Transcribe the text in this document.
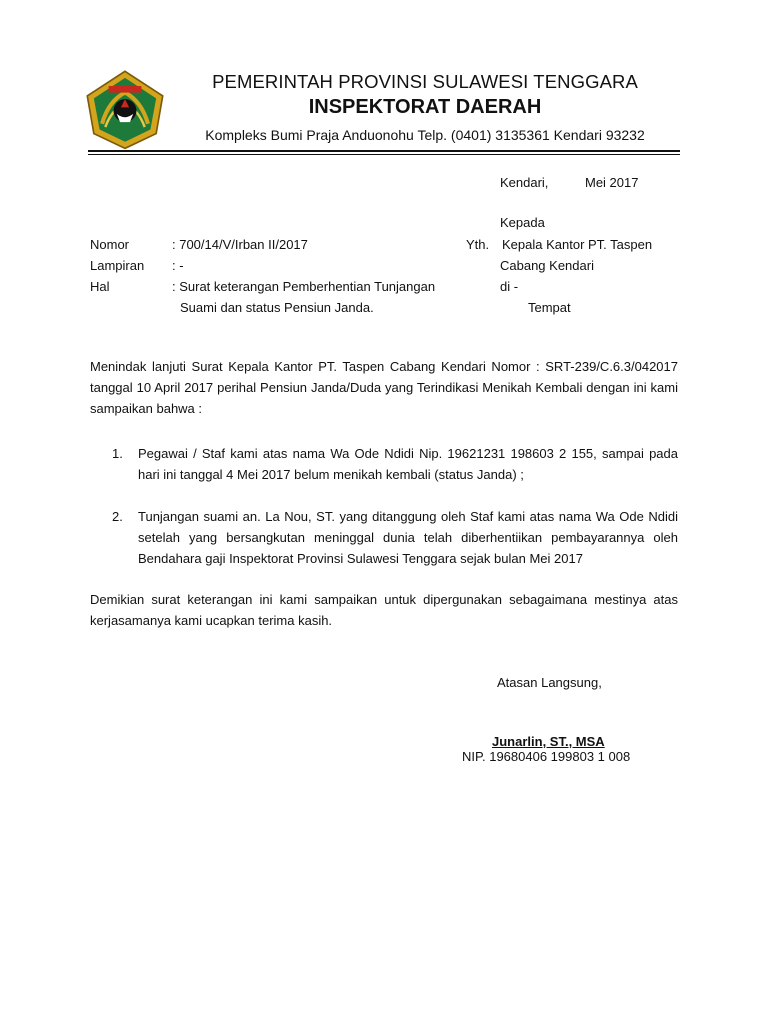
PEMERINTAH PROVINSI SULAWESI TENGGARA
INSPEKTORAT DAERAH
Kompleks Bumi Praja Anduonohu Telp. (0401) 3135361 Kendari 93232
Kendari,	Mei 2017
Kepada
Yth. Kepala Kantor PT. Taspen
Cabang Kendari
di -
Tempat
Nomor	: 700/14/V/Irban II/2017
Lampiran : -
Hal	: Surat keterangan Pemberhentian Tunjangan
Suami dan status Pensiun Janda.
Menindak lanjuti Surat Kepala Kantor PT. Taspen Cabang Kendari Nomor : SRT-239/C.6.3/042017 tanggal 10 April 2017 perihal Pensiun Janda/Duda yang Terindikasi Menikah Kembali dengan ini kami sampaikan bahwa :
1. Pegawai / Staf kami atas nama Wa Ode Ndidi Nip. 19621231 198603 2 155, sampai pada hari ini tanggal 4 Mei 2017 belum menikah kembali (status Janda) ;
2. Tunjangan suami an. La Nou, ST. yang ditanggung oleh Staf kami atas nama Wa Ode Ndidi setelah yang bersangkutan meninggal dunia telah diberhentiikan pembayarannya oleh Bendahara gaji Inspektorat Provinsi Sulawesi Tenggara sejak bulan Mei 2017
Demikian surat keterangan ini kami sampaikan untuk dipergunakan sebagaimana mestinya atas kerjasamanya kami ucapkan terima kasih.
Atasan Langsung,
Junarlin, ST., MSA
NIP. 19680406 199803 1 008
